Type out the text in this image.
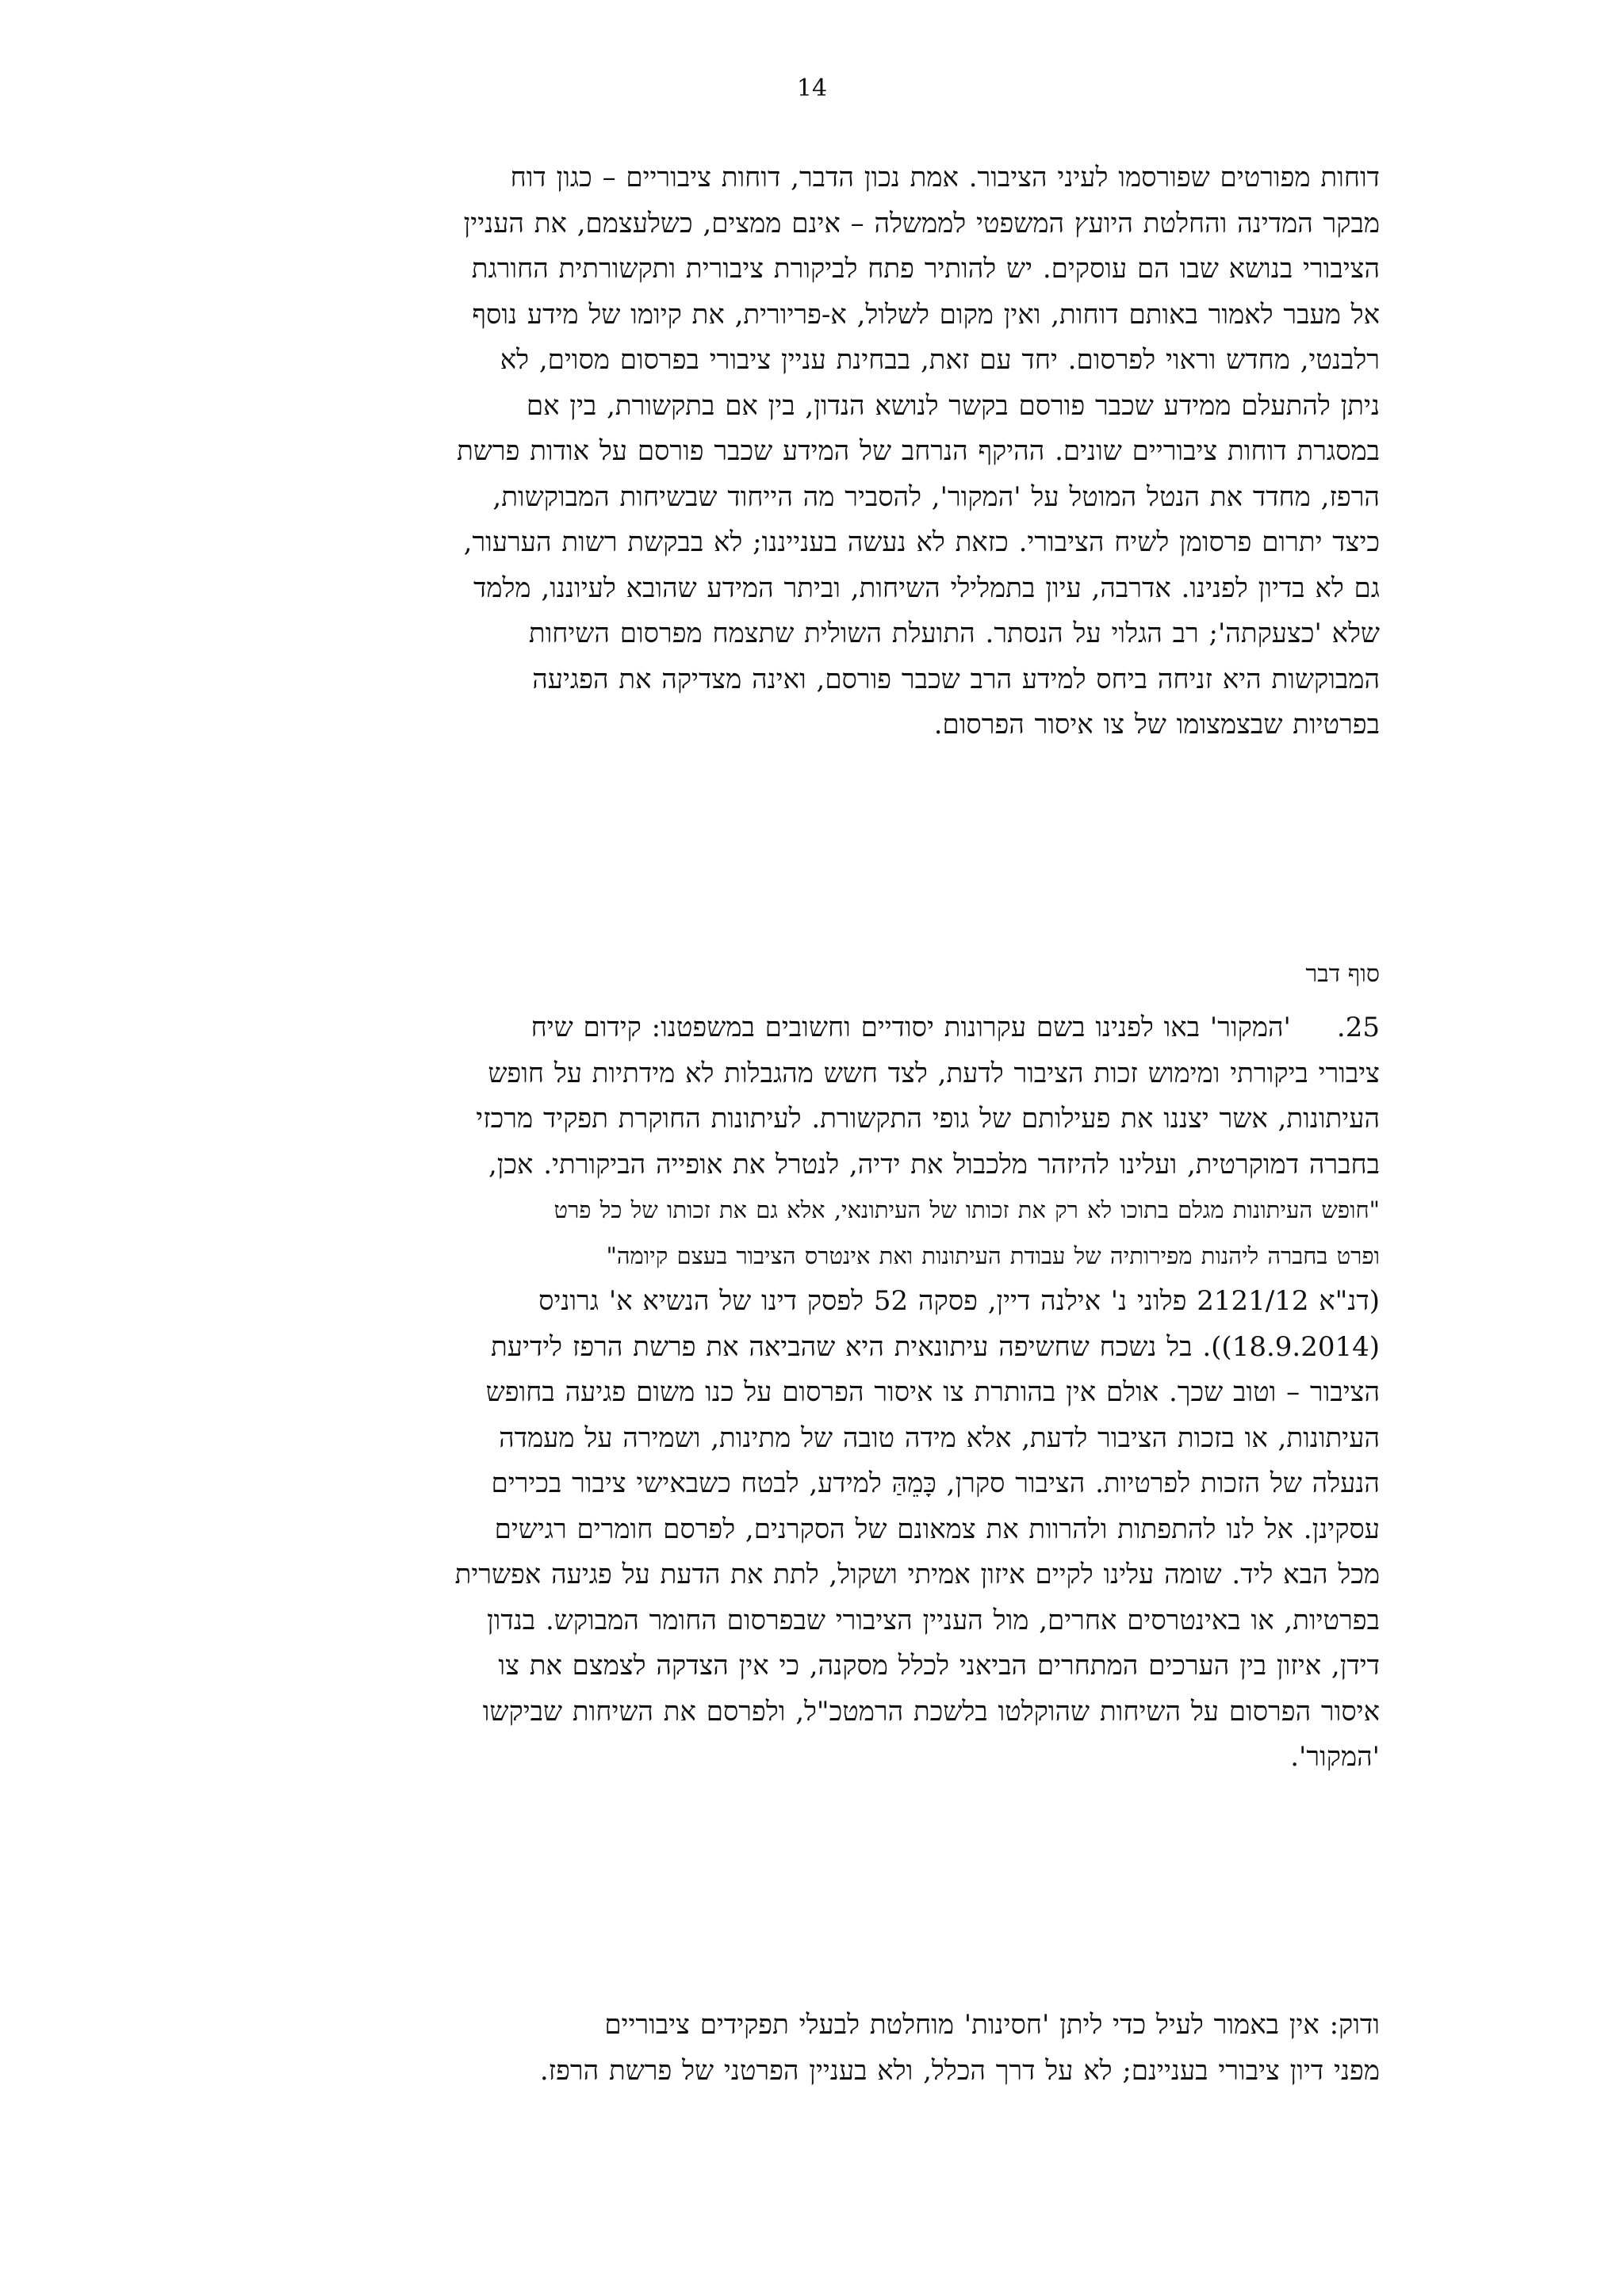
14
דוחות מפורטים שפורסמו לעיני הציבור. אמת נכון הדבר, דוחות ציבוריים – כגון דוח
מבקר המדינה והחלטת היועץ המשפטי לממשלה – אינם ממצים, כשלעצמם, את העניין
הציבורי בנושא שבו הם עוסקים. יש להותיר פתח לביקורת ציבורית ותקשורתית החורגת
אל מעבר לאמור באותם דוחות, ואין מקום לשלול, א-פריורית, את קיומו של מידע נוסף
רלבנטי, מחדש וראוי לפרסום. יחד עם זאת, בבחינת עניין ציבורי בפרסום מסוים, לא
ניתן להתעלם ממידע שכבר פורסם בקשר לנושא הנדון, בין אם בתקשורת, בין אם
במסגרת דוחות ציבוריים שונים. ההיקף הנרחב של המידע שכבר פורסם על אודות פרשת
הרפז, מחדד את הנטל המוטל על 'המקור', להסביר מה הייחוד שבשיחות המבוקשות,
כיצד יתרום פרסומן לשיח הציבורי. כזאת לא נעשה בענייננו; לא בבקשת רשות הערעור,
גם לא בדיון לפנינו. אדרבה, עיון בתמלילי השיחות, וביתר המידע שהובא לעיוננו, מלמד
שלא 'כצעקתה'; רב הגלוי על הנסתר. התועלת השולית שתצמח מפרסום השיחות
המבוקשות היא זניחה ביחס למידע הרב שכבר פורסם, ואינה מצדיקה את הפגיעה
בפרטיות שבצמצומו של צו איסור הפרסום.
סוף דבר
25.'המקור' באו לפנינו בשם עקרונות יסודיים וחשובים במשפטנו: קידום שיח
ציבורי ביקורתי ומימוש זכות הציבור לדעת, לצד חשש מהגבלות לא מידתיות על חופש
העיתונות, אשר יצננו את פעילותם של גופי התקשורת. לעיתונות החוקרת תפקיד מרכזי
בחברה דמוקרטית, ועלינו להיזהר מלכבול את ידיה, לנטרל את אופייה הביקורתי. אכן,
"חופש העיתונות מגלם בתוכו לא רק את זכותו של העיתונאי, אלא גם את זכותו של כל פרט
ופרט בחברה ליהנות מפירותיה של עבודת העיתונות ואת אינטרס הציבור בעצם קיומה"
(דנ"א 2121/12 פלוני נ' אילנה דיין, פסקה 52 לפסק דינו של הנשיא א' גרוניס
(18.9.2014)). בל נשכח שחשיפה עיתונאית היא שהביאה את פרשת הרפז לידיעת
הציבור – וטוב שכך. אולם אין בהותרת צו איסור הפרסום על כנו משום פגיעה בחופש
העיתונות, או בזכות הציבור לדעת, אלא מידה טובה של מתינות, ושמירה על מעמדה
הנעלה של הזכות לפרטיות. הציבור סקרן, כָּמֵהַּ למידע, לבטח כשבאישי ציבור בכירים
עסקינן. אל לנו להתפתות ולהרוות את צמאונם של הסקרנים, לפרסם חומרים רגישים
מכל הבא ליד. שומה עלינו לקיים איזון אמיתי ושקול, לתת את הדעת על פגיעה אפשרית
בפרטיות, או באינטרסים אחרים, מול העניין הציבורי שבפרסום החומר המבוקש. בנדון
דידן, איזון בין הערכים המתחרים הביאני לכלל מסקנה, כי אין הצדקה לצמצם את צו
איסור הפרסום על השיחות שהוקלטו בלשכת הרמטכ"ל, ולפרסם את השיחות שביקשו
'המקור'.
ודוק: אין באמור לעיל כדי ליתן 'חסינות' מוחלטת לבעלי תפקידים ציבוריים
מפני דיון ציבורי בעניינם; לא על דרך הכלל, ולא בעניין הפרטני של פרשת הרפז.
